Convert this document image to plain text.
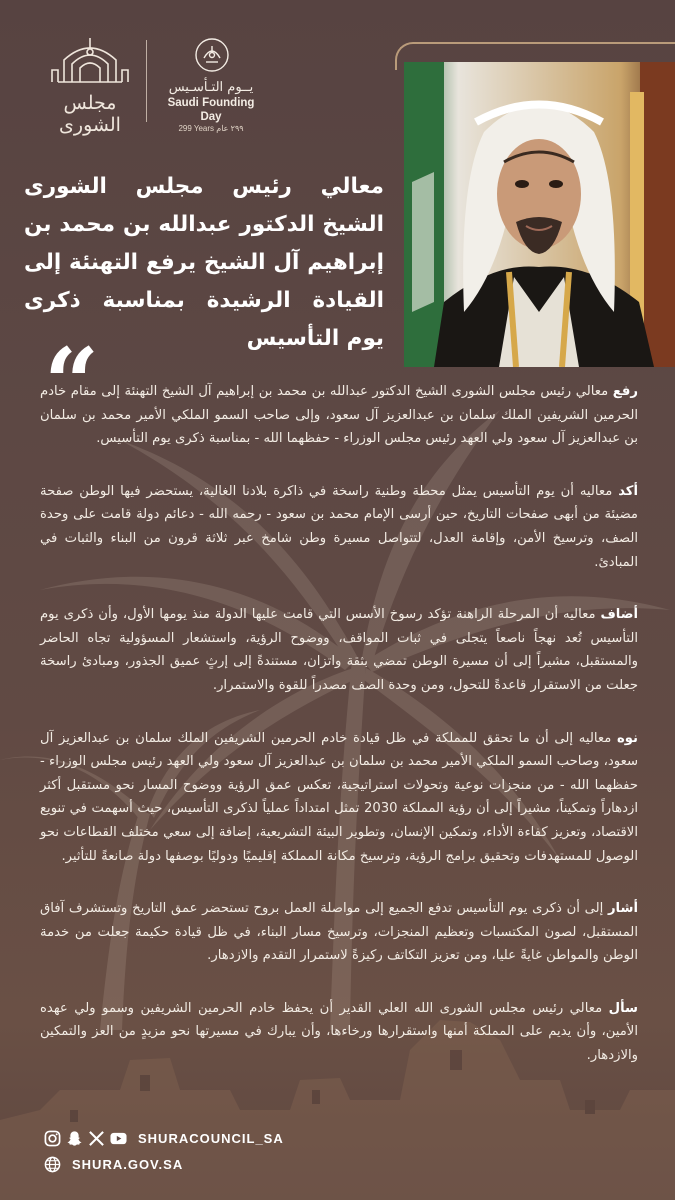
مجلس الشورى
يــوم التـأسـيس
Saudi Founding Day
299 Years ٢٩٩ عام
معالي رئيس مجلس الشورى الشيخ الدكتور عبدالله بن محمد بن إبراهيم آل الشيخ يرفع التهنئة إلى القيادة الرشيدة بمناسبة ذكرى يوم التأسيس
“	رفع معالي رئيس مجلس الشورى الشيخ الدكتور عبدالله بن محمد بن إبراهيم آل الشيخ التهنئة إلى مقام خادم الحرمين الشريفين الملك سلمان بن عبدالعزيز آل سعود، وإلى صاحب السمو الملكي الأمير محمد بن سلمان بن عبدالعزيز آل سعود ولي العهد رئيس مجلس الوزراء - حفظهما الله - بمناسبة ذكرى يوم التأسيس.

أكد معاليه أن يوم التأسيس يمثل محطة وطنية راسخة في ذاكرة بلادنا الغالية، يستحضر فيها الوطن صفحة مضيئة من أبهى صفحات التاريخ، حين أرسى الإمام محمد بن سعود - رحمه الله - دعائم دولة قامت على وحدة الصف، وترسيخ الأمن، وإقامة العدل، لتتواصل مسيرة وطن شامخ عبر ثلاثة قرون من البناء والثبات في المبادئ.

أضاف معاليه أن المرحلة الراهنة تؤكد رسوخ الأسس التي قامت عليها الدولة منذ يومها الأول، وأن ذكرى يوم التأسيس تُعد نهجاً ناصعاً يتجلى في ثبات المواقف، ووضوح الرؤية، واستشعار المسؤولية تجاه الحاضر والمستقبل، مشيراً إلى أن مسيرة الوطن تمضي بثقة واتزان، مستندةً إلى إرثٍ عميق الجذور، ومبادئ راسخة جعلت من الاستقرار قاعدةً للتحول، ومن وحدة الصف مصدراً للقوة والاستمرار.

نوه معاليه إلى أن ما تحقق للمملكة في ظل قيادة خادم الحرمين الشريفين الملك سلمان بن عبدالعزيز آل سعود، وصاحب السمو الملكي الأمير محمد بن سلمان بن عبدالعزيز آل سعود ولي العهد رئيس مجلس الوزراء - حفظهما الله - من منجزات نوعية وتحولات استراتيجية، تعكس عمق الرؤية ووضوح المسار نحو مستقبل أكثر ازدهاراً وتمكيناً، مشيراً إلى أن رؤية المملكة 2030 تمثل امتداداً عملياً لذكرى التأسيس، حيث أسهمت في تنويع الاقتصاد، وتعزيز كفاءة الأداء، وتمكين الإنسان، وتطوير البيئة التشريعية، إضافة إلى سعي مختلف القطاعات نحو الوصول للمستهدفات وتحقيق برامج الرؤية، وترسيخ مكانة المملكة إقليميًا ودوليًا بوصفها دولة صانعةً للتأثير.

أشار إلى أن ذكرى يوم التأسيس تدفع الجميع إلى مواصلة العمل بروح تستحضر عمق التاريخ وتستشرف آفاق المستقبل، لصون المكتسبات وتعظيم المنجزات، وترسيخ مسار البناء، في ظل قيادة حكيمة جعلت من خدمة الوطن والمواطن غايةً عليا، ومن تعزيز التكاتف ركيزةً لاستمرار التقدم والازدهار.

سأل معالي رئيس مجلس الشورى الله العلي القدير أن يحفظ خادم الحرمين الشريفين وسمو ولي عهده الأمين، وأن يديم على المملكة أمنها واستقرارها ورخاءها، وأن يبارك في مسيرتها نحو مزيدٍ من العز والتمكين والازدهار.

SHURACOUNCIL_SA
SHURA.GOV.SA
